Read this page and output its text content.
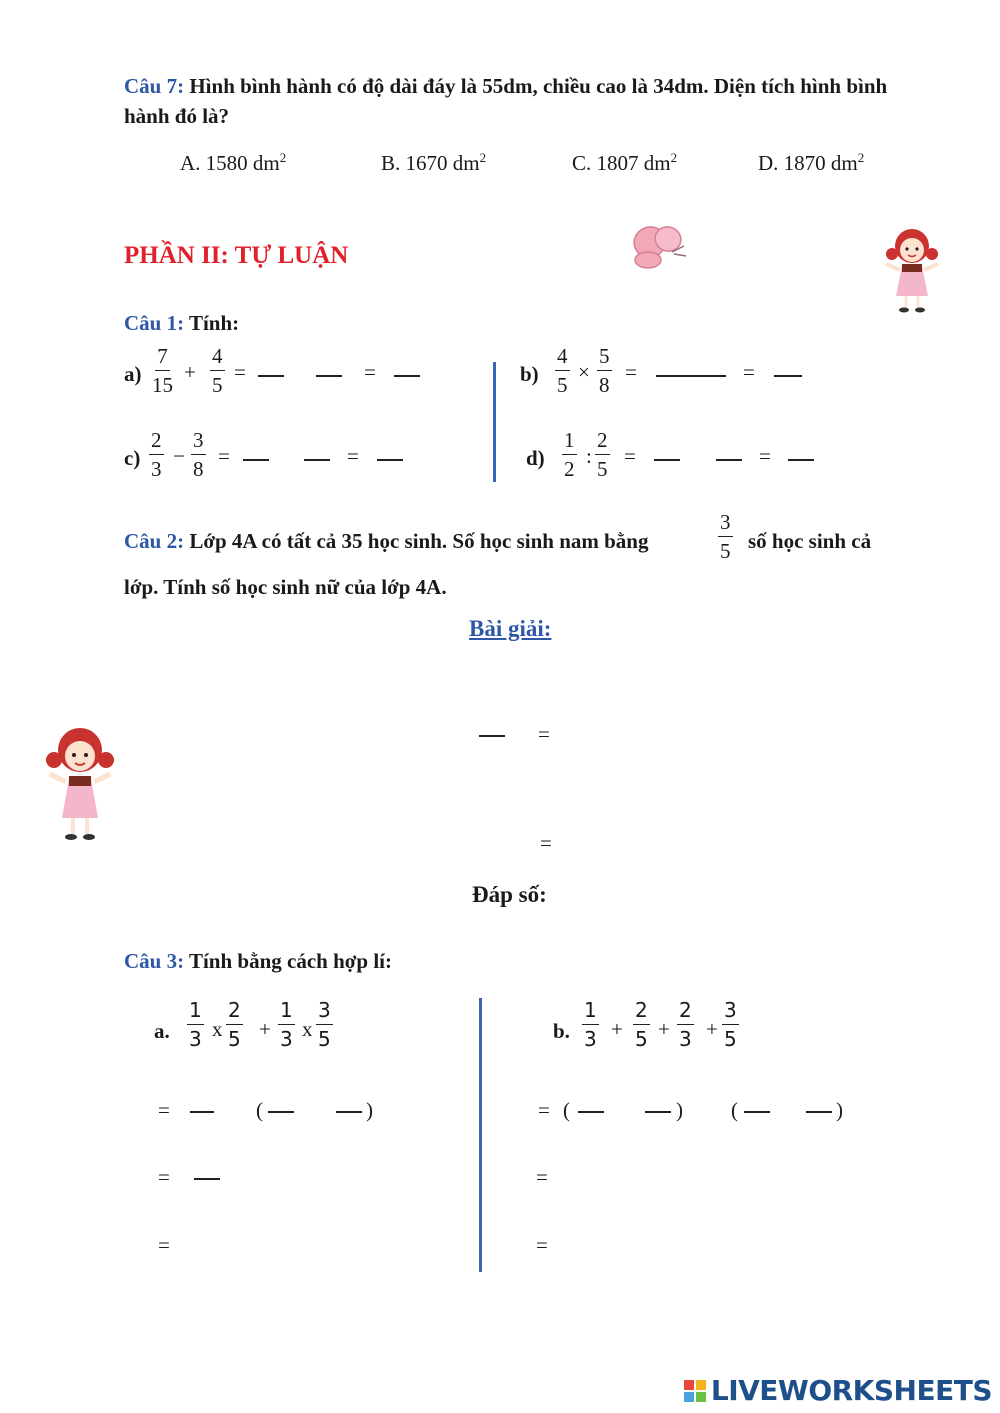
Câu 7: Hình bình hành có độ dài đáy là 55dm, chiều cao là 34dm. Diện tích hình bình hành đó là?
A. 1580 $dm^2$	B. 1670 $dm^2$	C. 1807 $dm^2$	D. 1870 $dm^2$
PHẦN II: TỰ LUẬN
Câu 1: Tính:
$a) \frac{7}{15} + \frac{4}{5}$ =	=	$b) \frac{4}{5} \times \frac{5}{8}$ =	=
$c) \frac{2}{3} - \frac{3}{8}$ =	=	$d) \frac{1}{2}$ : $\frac{2}{5}$ =	=
Câu 2: Lớp 4A có tất cả 35 học sinh. Số học sinh nam bằng	$\frac{3}{5}$ số học sinh cả
lớp. Tính số học sinh nữ của lớp 4A.
Bài giải:
=
=
Đáp số:
Câu 3: Tính bằng cách hợp lí:
a. $\frac{1}{3}$ x $\frac{2}{5} + \frac{1}{3}$ x $\frac{3}{5}$
=	(	)
=
=
b. $\frac{1}{3} + \frac{2}{5} + \frac{2}{3} + \frac{3}{5}$
= (	) (	)
=
=
LIVEWORKSHEETS
